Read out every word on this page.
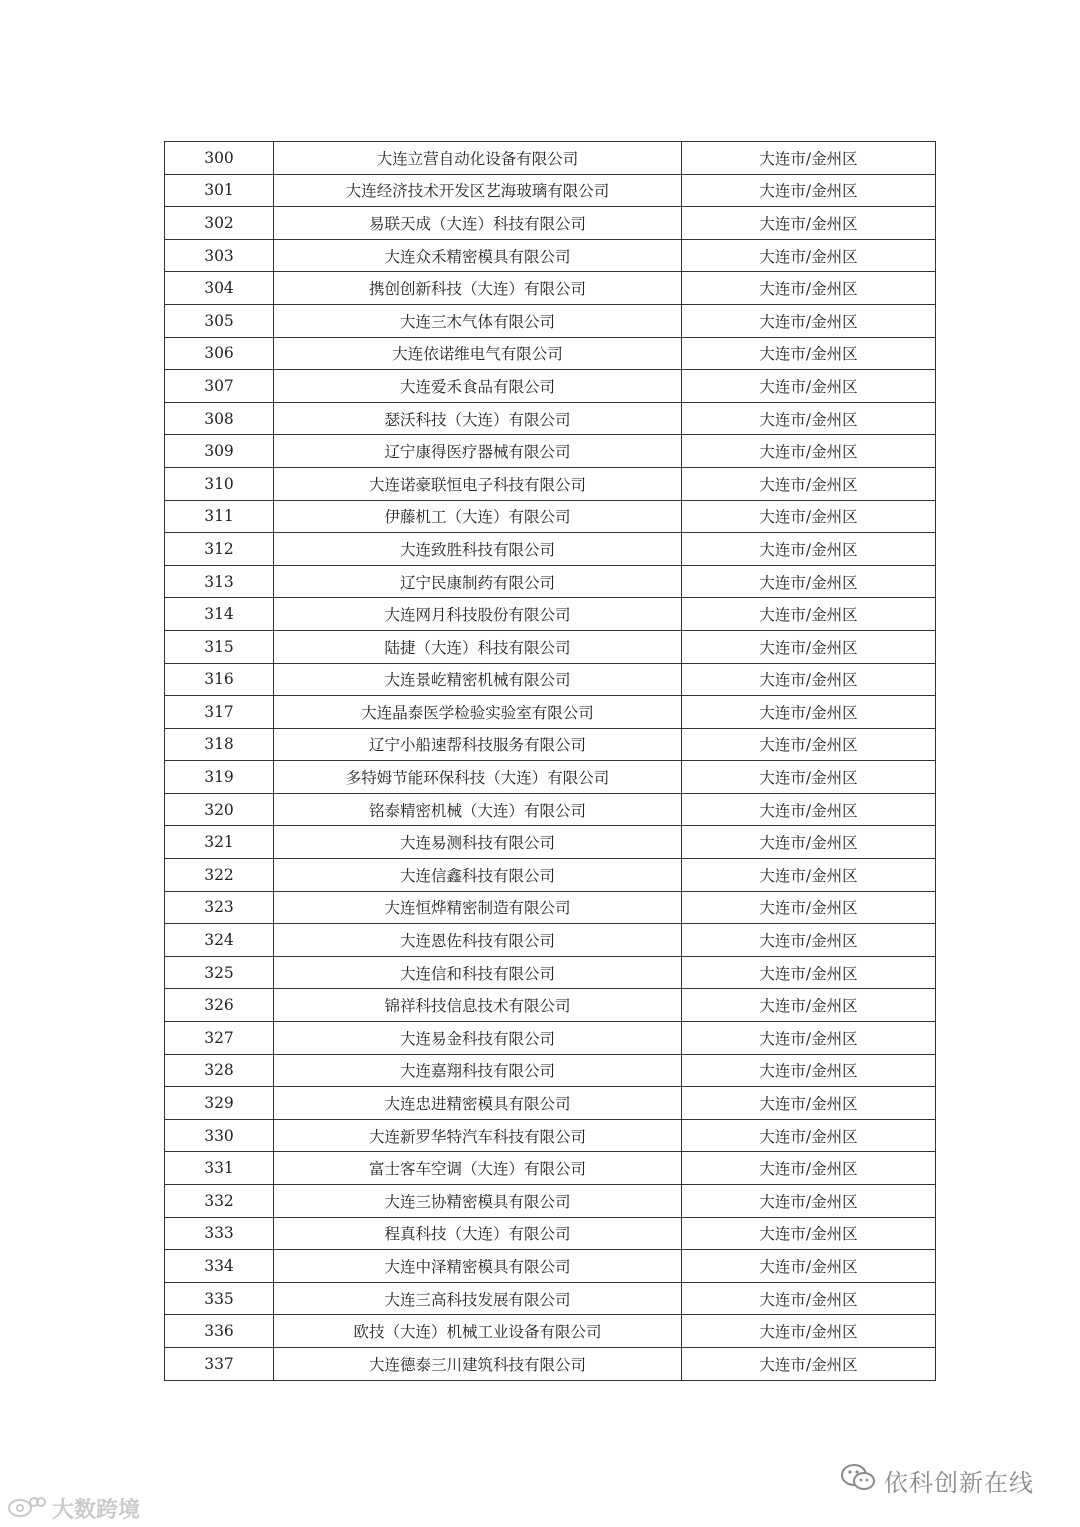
300	大连立营自动化设备有限公司	大连市/金州区
301	大连经济技术开发区艺海玻璃有限公司	大连市/金州区
302	易联天成（大连）科技有限公司	大连市/金州区
303	大连众禾精密模具有限公司	大连市/金州区
304	携创创新科技（大连）有限公司	大连市/金州区
305	大连三木气体有限公司	大连市/金州区
306	大连依诺维电气有限公司	大连市/金州区
307	大连爱禾食品有限公司	大连市/金州区
308	瑟沃科技（大连）有限公司	大连市/金州区
309	辽宁康得医疗器械有限公司	大连市/金州区
310	大连诺豪联恒电子科技有限公司	大连市/金州区
311	伊藤机工（大连）有限公司	大连市/金州区
312	大连致胜科技有限公司	大连市/金州区
313	辽宁民康制药有限公司	大连市/金州区
314	大连网月科技股份有限公司	大连市/金州区
315	陆捷（大连）科技有限公司	大连市/金州区
316	大连景屹精密机械有限公司	大连市/金州区
317	大连晶泰医学检验实验室有限公司	大连市/金州区
318	辽宁小船速帮科技服务有限公司	大连市/金州区
319	多特姆节能环保科技（大连）有限公司	大连市/金州区
320	铭泰精密机械（大连）有限公司	大连市/金州区
321	大连易测科技有限公司	大连市/金州区
322	大连信鑫科技有限公司	大连市/金州区
323	大连恒烨精密制造有限公司	大连市/金州区
324	大连恩佐科技有限公司	大连市/金州区
325	大连信和科技有限公司	大连市/金州区
326	锦祥科技信息技术有限公司	大连市/金州区
327	大连易金科技有限公司	大连市/金州区
328	大连嘉翔科技有限公司	大连市/金州区
329	大连忠进精密模具有限公司	大连市/金州区
330	大连新罗华特汽车科技有限公司	大连市/金州区
331	富士客车空调（大连）有限公司	大连市/金州区
332	大连三协精密模具有限公司	大连市/金州区
333	程真科技（大连）有限公司	大连市/金州区
334	大连中泽精密模具有限公司	大连市/金州区
335	大连三高科技发展有限公司	大连市/金州区
336	欧技（大连）机械工业设备有限公司	大连市/金州区
337	大连德泰三川建筑科技有限公司	大连市/金州区
依科创新在线
大数跨境
